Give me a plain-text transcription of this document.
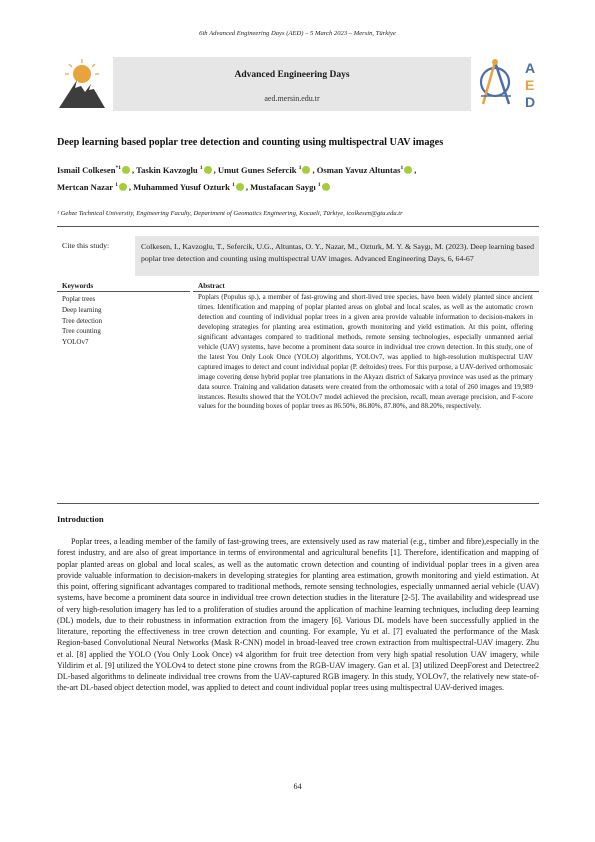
6th Advanced Engineering Days (AED) – 5 March 2023 – Mersin, Türkiye
Advanced Engineering Days
aed.mersin.edu.tr
A
E
D
Deep learning based poplar tree detection and counting using multispectral UAV images
Ismail Colkesen$^{*1}$ iD , Taskin Kavzoglu $^1$ iD , Umut Gunes Sefercik $^1$ iD , Osman Yavuz Altuntas$^1$ iD ,
Mertcan Nazar $^1$ iD , Muhammed Yusuf Ozturk $^1$ iD , Mustafacan Saygı $^1$iD
¹ Gebze Technical University, Engineering Faculty, Department of Geomatics Engineering, Kocaeli, Türkiye, icolkesen@gtu.edu.tr
Cite this study:	Colkesen, I., Kavzoglu, T., Sefercik, U.G., Altuntas, O. Y., Nazar, M., Ozturk, M. Y. & Saygı, M. (2023). Deep learning based poplar tree detection and counting using multispectral UAV images. Advanced Engineering Days, 6, 64-67
Keywords
Poplar trees
Deep learning
Tree detection
Tree counting
YOLOv7
Abstract
Poplars (Populus sp.), a member of fast-growing and short-lived tree species, have been widely planted since ancient times. Identification and mapping of poplar planted areas on global and local scales, as well as the automatic crown detection and counting of individual poplar trees in a given area provide valuable information to decision-makers in developing strategies for planting area estimation, growth monitoring and yield estimation. At this point, offering significant advantages compared to traditional methods, remote sensing technologies, especially unmanned aerial vehicle (UAV) systems, have become a prominent data source in individual tree crown detection. In this study, one of the latest You Only Look Once (YOLO) algorithms, YOLOv7, was applied to high-resolution multispectral UAV captured images to detect and count individual poplar (P. deltoides) trees. For this purpose, a UAV-derived orthomosaic image covering dense hybrid poplar tree plantations in the Akyazı district of Sakarya province was used as the primary data source. Training and validation datasets were created from the orthomosaic with a total of 260 images and 19,989 instances. Results showed that the YOLOv7 model achieved the precision, recall, mean average precision, and F-score values for the bounding boxes of poplar trees as 86.50%, 86.80%, 87.80%, and 88.20%, respectively.
Introduction
Poplar trees, a leading member of the family of fast-growing trees, are extensively used as raw material (e.g., timber and fibre),especially in the forest industry, and are also of great importance in terms of environmental and agricultural benefits [1]. Therefore, identification and mapping of poplar planted areas on global and local scales, as well as the automatic crown detection and counting of individual poplar trees in a given area provide valuable information to decision-makers in developing strategies for planting area estimation, growth monitoring and yield estimation. At this point, offering significant advantages compared to traditional methods, remote sensing technologies, especially unmanned aerial vehicle (UAV) systems, have become a prominent data source in individual tree crown detection studies in the literature [2-5]. The availability and widespread use of very high-resolution imagery has led to a proliferation of studies around the application of machine learning techniques, including deep learning (DL) models, due to their robustness in information extraction from the imagery [6]. Various DL models have been successfully applied in the literature, reporting the effectiveness in tree crown detection and counting. For example, Yu et al. [7] evaluated the performance of the Mask Region-based Convolutional Neural Networks (Mask R-CNN) model in broad-leaved tree crown extraction from multispectral-UAV imagery. Zhu et al. [8] applied the YOLO (You Only Look Once) v4 algorithm for fruit tree detection from very high spatial resolution UAV imagery, while Yildirim et al. [9] utilized the YOLOv4 to detect stone pine crowns from the RGB-UAV imagery. Gan et al. [3] utilized DeepForest and Detectree2 DL-based algorithms to delineate individual tree crowns from the UAV-captured RGB imagery. In this study, YOLOv7, the relatively new state-of-the-art DL-based object detection model, was applied to detect and count individual poplar trees using multispectral UAV-derived images.
64
